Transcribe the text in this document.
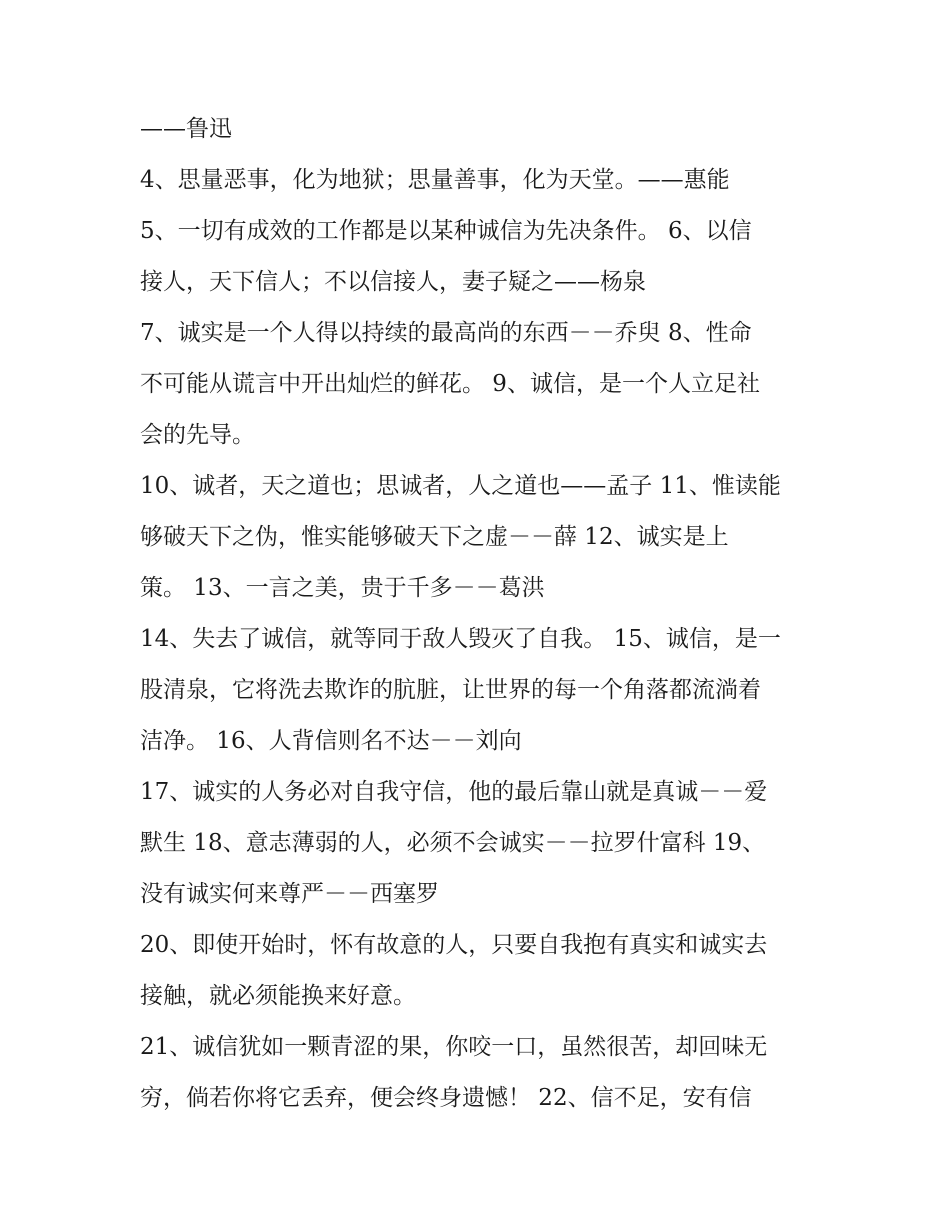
——鲁迅
4、思量恶事，化为地狱；思量善事，化为天堂。——惠能
5、一切有成效的工作都是以某种诚信为先决条件。 6、以信
接人，天下信人；不以信接人，妻子疑之——杨泉
7、诚实是一个人得以持续的最高尚的东西－－乔臾 8、性命
不可能从谎言中开出灿烂的鲜花。 9、诚信，是一个人立足社
会的先导。
10、诚者，天之道也；思诚者，人之道也——孟子 11、惟读能
够破天下之伪，惟实能够破天下之虚－－薛 12、诚实是上
策。 13、一言之美，贵于千多－－葛洪
14、失去了诚信，就等同于敌人毁灭了自我。 15、诚信，是一
股清泉，它将洗去欺诈的肮脏，让世界的每一个角落都流淌着
洁净。 16、人背信则名不达－－刘向
17、诚实的人务必对自我守信，他的最后靠山就是真诚－－爱
默生 18、意志薄弱的人，必须不会诚实－－拉罗什富科 19、
没有诚实何来尊严－－西塞罗
20、即使开始时，怀有故意的人，只要自我抱有真实和诚实去
接触，就必须能换来好意。
21、诚信犹如一颗青涩的果，你咬一口，虽然很苦，却回味无
穷，倘若你将它丢弃，便会终身遗憾！ 22、信不足，安有信
